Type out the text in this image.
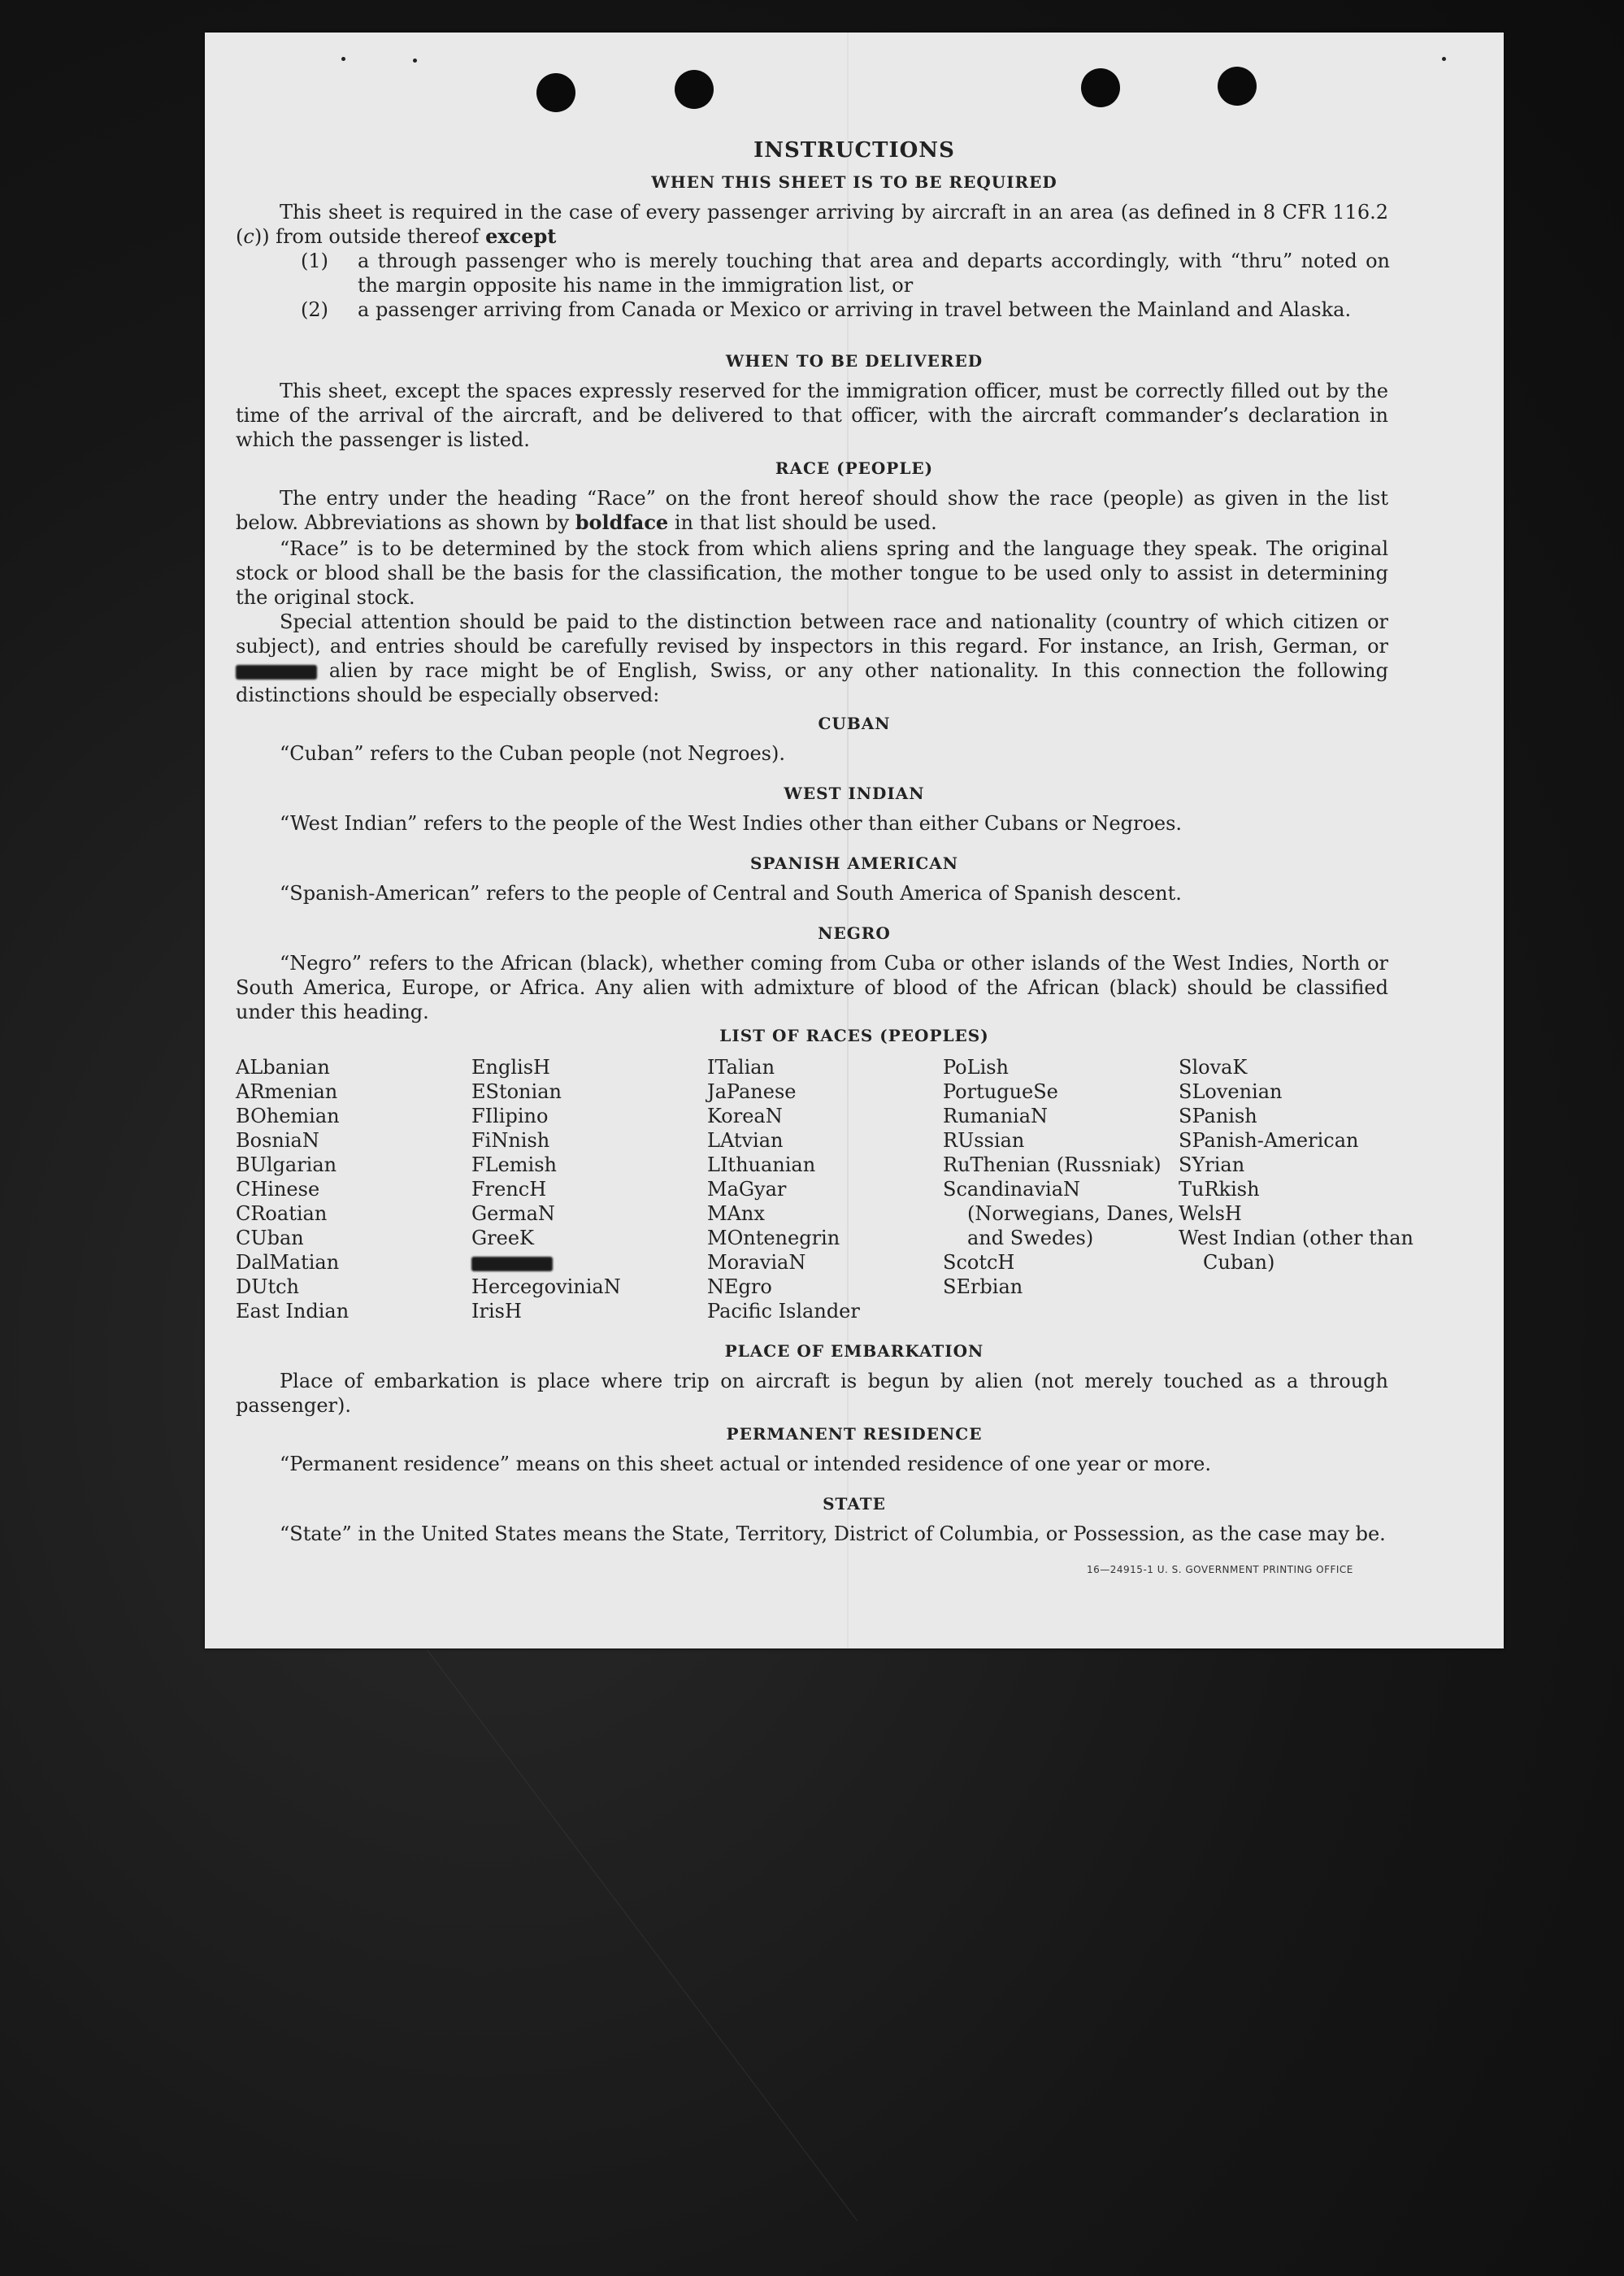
INSTRUCTIONS
WHEN THIS SHEET IS TO BE REQUIRED
This sheet is required in the case of every passenger arriving by aircraft in an area (as defined in 8 CFR 116.2 (c)) from outside thereof except
(1)	a through passenger who is merely touching that area and departs accordingly, with “thru” noted on the margin opposite his name in the immigration list, or
(2)	a passenger arriving from Canada or Mexico or arriving in travel between the Mainland and Alaska.
WHEN TO BE DELIVERED
This sheet, except the spaces expressly reserved for the immigration officer, must be correctly filled out by the time of the arrival of the aircraft, and be delivered to that officer, with the aircraft commander’s declaration in which the passenger is listed.
RACE (PEOPLE)
The entry under the heading “Race” on the front hereof should show the race (people) as given in the list below. Abbreviations as shown by boldface in that list should be used.
“Race” is to be determined by the stock from which aliens spring and the language they speak. The original stock or blood shall be the basis for the classification, the mother tongue to be used only to assist in determining the original stock.
Special attention should be paid to the distinction between race and nationality (country of which citizen or subject), and entries should be carefully revised by inspectors in this regard. For instance, an Irish, German, or  alien by race might be of English, Swiss, or any other nationality. In this connection the following distinctions should be especially observed:
CUBAN
“Cuban” refers to the Cuban people (not Negroes).
WEST INDIAN
“West Indian” refers to the people of the West Indies other than either Cubans or Negroes.
SPANISH AMERICAN
“Spanish-American” refers to the people of Central and South America of Spanish descent.
NEGRO
“Negro” refers to the African (black), whether coming from Cuba or other islands of the West Indies, North or South America, Europe, or Africa. Any alien with admixture of blood of the African (black) should be classified under this heading.
LIST OF RACES (PEOPLES)
ALbanian
ARmenian
BOhemian
BosniaN
BUlgarian
CHinese
CRoatian
CUban
DalMatian
DUtch
East Indian
EnglisH
EStonian
FIlipino
FiNnish
FLemish
FrencH
GermaN
GreeK
HercegoviniaN
IrisH
ITalian
JaPanese
KoreaN
LAtvian
LIthuanian
MaGyar
MAnx
MOntenegrin
MoraviaN
NEgro
Pacific Islander
PoLish
PortugueSe
RumaniaN
RUssian
RuThenian (Russniak)
ScandinaviaN (Norwegians, Danes, and Swedes)
ScotcH
SErbian
SlovaK
SLovenian
SPanish
SPanish-American
SYrian
TuRkish
WelsH
West Indian (other than Cuban)
PLACE OF EMBARKATION
Place of embarkation is place where trip on aircraft is begun by alien (not merely touched as a through passenger).
PERMANENT RESIDENCE
“Permanent residence” means on this sheet actual or intended residence of one year or more.
STATE
“State” in the United States means the State, Territory, District of Columbia, or Possession, as the case may be.
16—24915-1 U. S. GOVERNMENT PRINTING OFFICE
